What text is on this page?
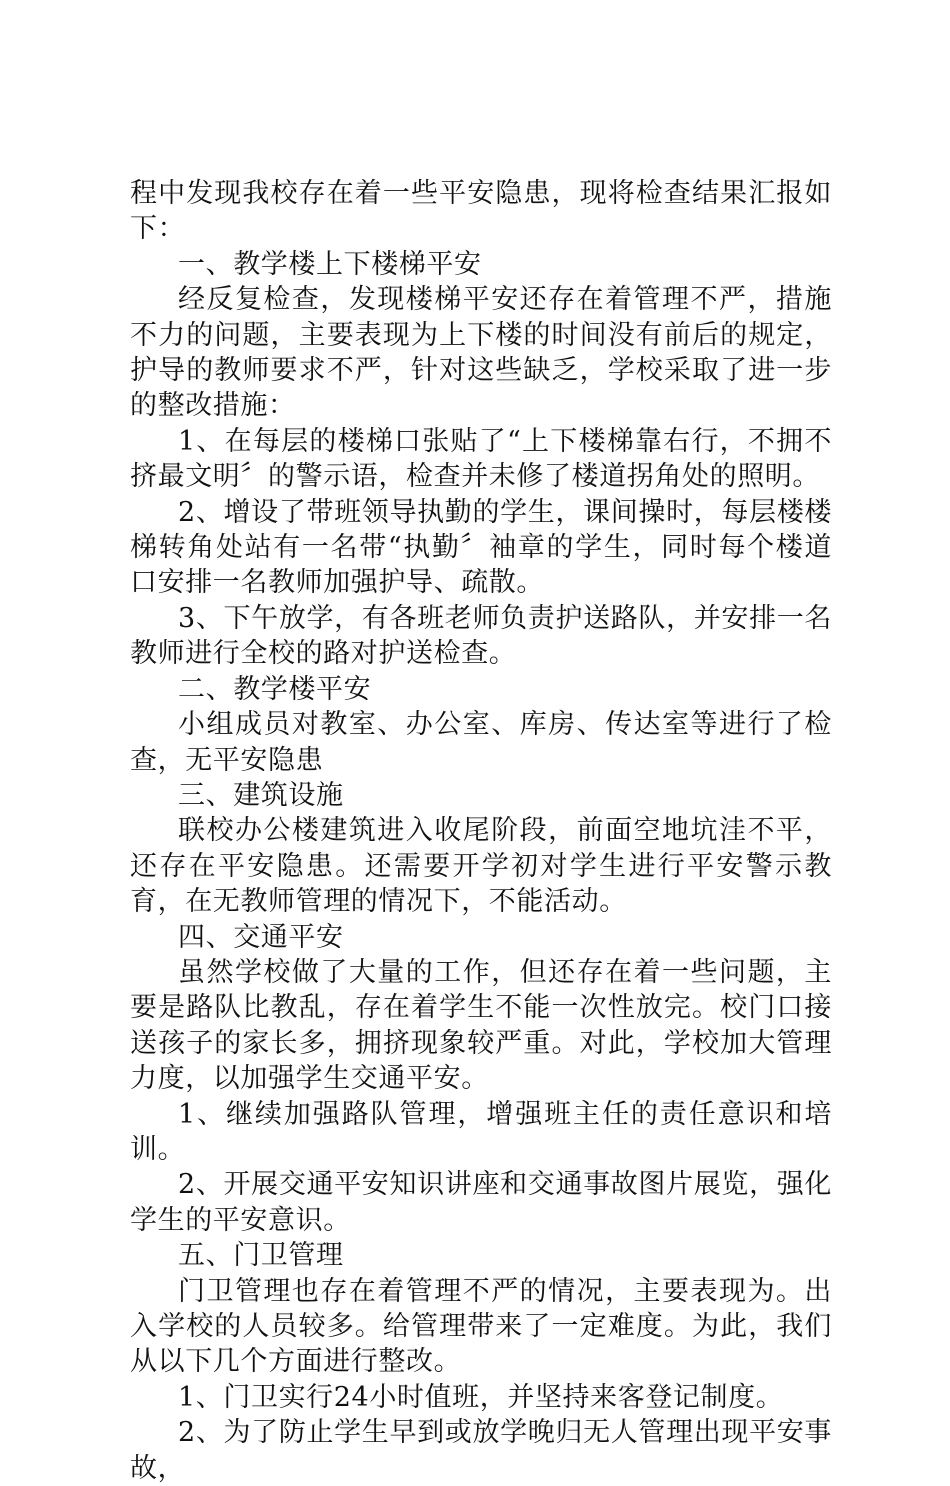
程中发现我校存在着一些平安隐患，现将检查结果汇报如下：

一、教学楼上下楼梯平安

经反复检查，发现楼梯平安还存在着管理不严，措施不力的问题，主要表现为上下楼的时间没有前后的规定，护导的教师要求不严，针对这些缺乏，学校采取了进一步的整改措施：

1、在每层的楼梯口张贴了“上下楼梯靠右行，不拥不挤最文明〞的警示语，检查并未修了楼道拐角处的照明。

2、增设了带班领导执勤的学生，课间操时，每层楼楼梯转角处站有一名带“执勤〞袖章的学生，同时每个楼道口安排一名教师加强护导、疏散。

3、下午放学，有各班老师负责护送路队，并安排一名教师进行全校的路对护送检查。

二、教学楼平安

小组成员对教室、办公室、库房、传达室等进行了检查，无平安隐患

三、建筑设施

联校办公楼建筑进入收尾阶段，前面空地坑洼不平，还存在平安隐患。还需要开学初对学生进行平安警示教育，在无教师管理的情况下，不能活动。

四、交通平安

虽然学校做了大量的工作，但还存在着一些问题，主要是路队比教乱，存在着学生不能一次性放完。校门口接送孩子的家长多，拥挤现象较严重。对此，学校加大管理力度，以加强学生交通平安。

1、继续加强路队管理，增强班主任的责任意识和培训。

2、开展交通平安知识讲座和交通事故图片展览，强化学生的平安意识。

五、门卫管理

门卫管理也存在着管理不严的情况，主要表现为。出入学校的人员较多。给管理带来了一定难度。为此，我们从以下几个方面进行整改。

1、门卫实行24小时值班，并坚持来客登记制度。

2、为了防止学生早到或放学晚归无人管理出现平安事故，
